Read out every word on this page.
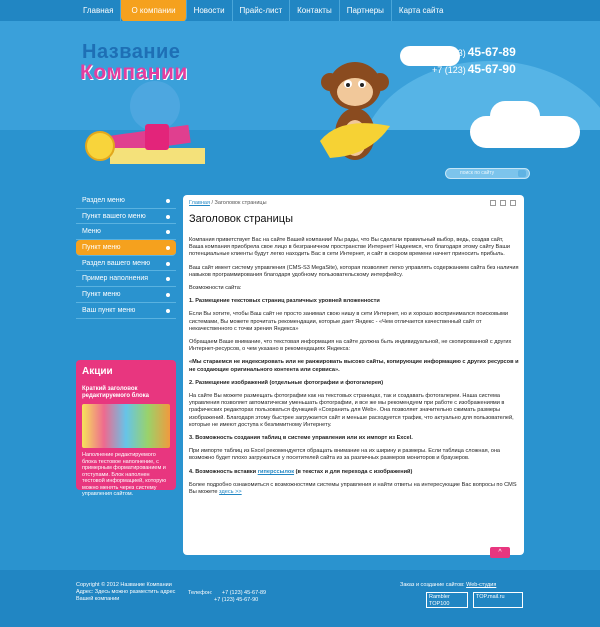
Главная	О компании	Новости	Прайс-лист	Контакты	Партнеры	Карта сайта
Название
Компании
+7 (123) 45-67-89
+7 (123) 45-67-90
поиск по сайту
Раздел меню
Пункт вашего меню
Меню
Пункт меню
Раздел вашего меню
Пример наполнения
Пункт меню
Ваш пункт меню
Акции
Краткий заголовок редактируемого блока
Наполнение редактируемого блока тестовое наполнение, с примерным форматированием и отступами. Блок наполнен тестовой информацией, которую можно менять через систему управления сайтом.
Главная / Заголовок страницы
Заголовок страницы

Компания приветствует Вас на сайте Вашей компании! Мы рады, что Вы сделали правильный выбор, ведь, создав сайт, Ваша компания приобрела свое лицо в безграничном пространстве Интернет! Надеемся, что благодаря этому сайту Ваши потенциальные клиенты будут легко находить Вас в сети Интернет, и сайт в скором времени начнет приносить прибыль.

Ваш сайт имеет систему управления (CMS-S3 MegaSite), которая позволяет легко управлять содержанием сайта без наличия навыков программирования благодаря удобному пользовательскому интерфейсу.

Возможности сайта:

1. Размещение текстовых страниц различных уровней вложенности

Если Вы хотите, чтобы Ваш сайт не просто занимал свою нишу в сети Интернет, но и хорошо воспринимался поисковыми системами, Вы можете прочитать рекомендации, которые дает Яндекс - «Чем отличается качественный сайт от некачественного с точки зрения Яндекса»

Обращаем Ваше внимание, что текстовая информация на сайте должна быть индивидуальной, не скопированной с других Интернет-ресурсов, о чем указано в рекомендациях Яндекса:

«Мы стараемся не индексировать или не ранжировать высоко сайты, копирующие информацию с других ресурсов и не создающие оригинального контента или сервиса».

2. Размещение изображений (отдельные фотографии и фотогалерея)

На сайте Вы можете размещать фотографии как на текстовых страницах, так и создавать фотогалереи. Наша система управления позволяет автоматически уменьшать фотографии, и все же мы рекомендуем при работе с изображениями в графических редакторах пользоваться функцией «Сохранить для Web». Она позволяет значительно сжимать размеры изображений. Благодаря этому быстрее загружается сайт и меньше расходуется трафик, что актуально для пользователей, которые не имеют доступа к безлимитному Интернету.

3. Возможность создания таблиц в системе управления или их импорт из Excel.

При импорте таблиц из Excel рекомендуется обращать внимание на их ширину и размеры. Если таблица сложная, она возможно будет плохо загружаться у посетителей сайта из за различных размеров мониторов и браузеров.

4. Возможность вставки гиперссылок (в текстах и для перехода с изображений)

Более подробно ознакомиться с возможностями системы управления и найти ответы на интересующие Вас вопросы по CMS Вы можете здесь >>

^
Copyright © 2012 Название Компании
Адрес: Здесь можно разместить адрес Вашей компании
Телефон: +7 (123) 45-67-89
+7 (123) 45-67-90
Заказ и создание сайтов: Web-студия
Rambler TOP100
TOP.mail.ru
